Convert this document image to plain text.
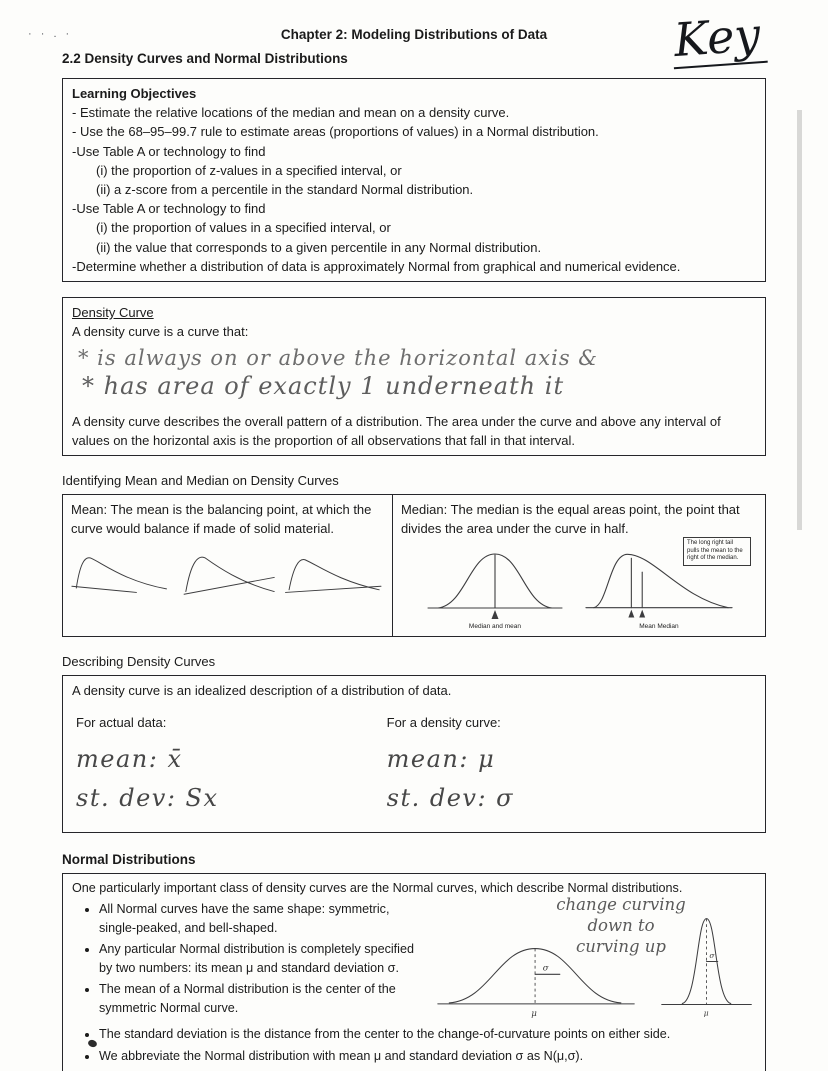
· · . ·	Chapter 2: Modeling Distributions of Data	Key
2.2 Density Curves and Normal Distributions
Learning Objectives
- Estimate the relative locations of the median and mean on a density curve.
- Use the 68–95–99.7 rule to estimate areas (proportions of values) in a Normal distribution.
-Use Table A or technology to find
(i) the proportion of z-values in a specified interval, or
(ii) a z-score from a percentile in the standard Normal distribution.
-Use Table A or technology to find
(i) the proportion of values in a specified interval, or
(ii) the value that corresponds to a given percentile in any Normal distribution.
-Determine whether a distribution of data is approximately Normal from graphical and numerical evidence.
Density Curve
A density curve is a curve that:
* is always on or above the horizontal axis &
* has area of exactly 1 underneath it
A density curve describes the overall pattern of a distribution. The area under the curve and above any interval of values on the horizontal axis is the proportion of all observations that fall in that interval.
Identifying Mean and Median on Density Curves
Mean: The mean is the balancing point, at which the curve would balance if made of solid material.
Median: The median is the equal areas point, the point that divides the area under the curve in half.
Median and mean	Mean Median
The long right tail pulls the mean to the right of the median.
Describing Density Curves
A density curve is an idealized description of a distribution of data.
For actual data:
mean: x̄
st. dev: Sx
For a density curve:
mean: μ
st. dev: σ
Normal Distributions
One particularly important class of density curves are the Normal curves, which describe Normal distributions.
change curving
down to
curving up
σ
μ
σ
μ
• All Normal curves have the same shape: symmetric, single-peaked, and bell-shaped.
• Any particular Normal distribution is completely specified by two numbers: its mean μ and standard deviation σ.
• The mean of a Normal distribution is the center of the symmetric Normal curve.
• The standard deviation is the distance from the center to the change-of-curvature points on either side.
• We abbreviate the Normal distribution with mean μ and standard deviation σ as N(μ,σ).
